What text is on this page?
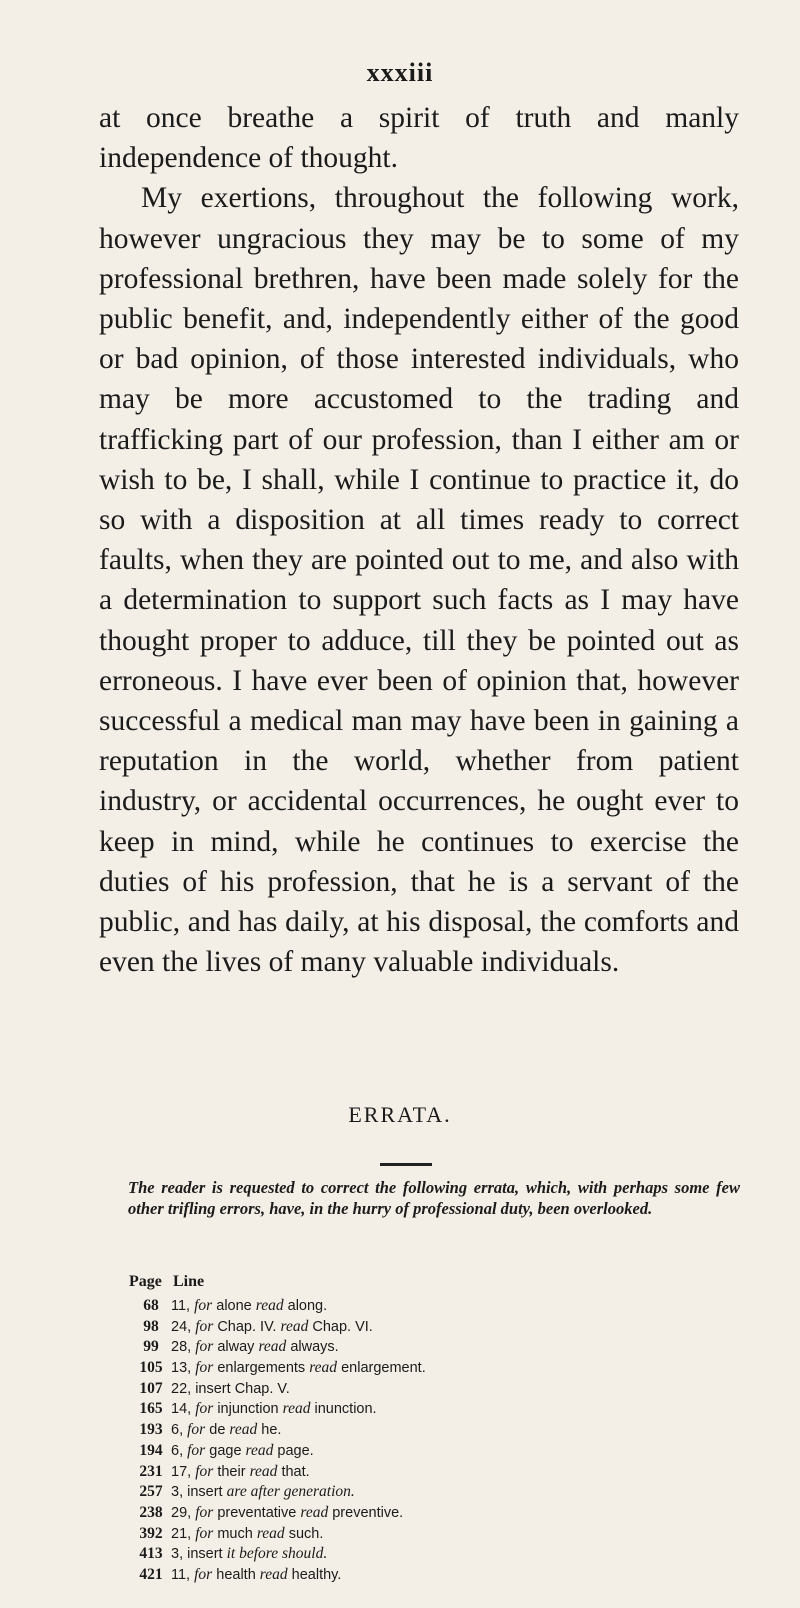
xxxiii

at once breathe a spirit of truth and manly independence of thought.

My exertions, throughout the following work, however ungracious they may be to some of my professional brethren, have been made solely for the public benefit, and, independently either of the good or bad opinion, of those interested individuals, who may be more accustomed to the trading and trafficking part of our profession, than I either am or wish to be, I shall, while I continue to practice it, do so with a disposition at all times ready to correct faults, when they are pointed out to me, and also with a determination to support such facts as I may have thought proper to adduce, till they be pointed out as erroneous. I have ever been of opinion that, however successful a medical man may have been in gaining a reputation in the world, whether from patient industry, or accidental occurrences, he ought ever to keep in mind, while he continues to exercise the duties of his profession, that he is a servant of the public, and has daily, at his disposal, the comforts and even the lives of many valuable individuals.

ERRATA.
The reader is requested to correct the following errata, which, with perhaps some few other trifling errors, have, in the hurry of professional duty, been overlooked.
Page Line
68 11, for alone read along.
98 24, for Chap. IV. read Chap. VI.
99 28, for alway read always.
105 13, for enlargements read enlargement.
107 22, insert Chap. V.
165 14, for injunction read inunction.
193 6, for de read he.
194 6, for gage read page.
231 17, for their read that.
257 3, insert are after generation.
238 29, for preventative read preventive.
392 21, for much read such.
413 3, insert it before should.
421 11, for health read healthy.
